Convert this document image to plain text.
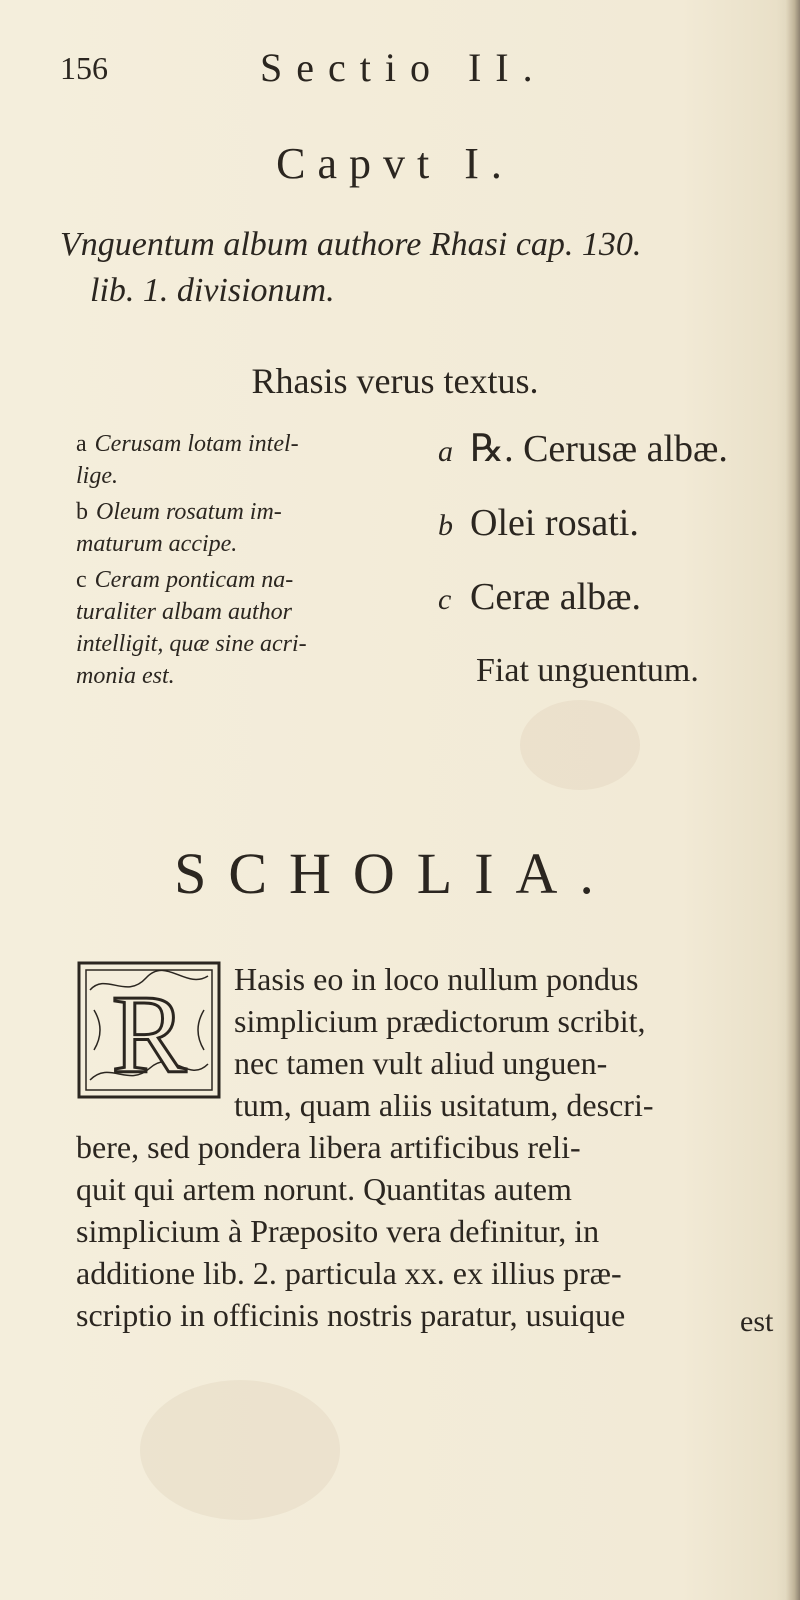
156	Sectio II.
Capvt I.
Vnguentum album authore Rhasi cap. 130.
lib. 1. divisionum.
Rhasis verus textus.
a Cerusam lotam intel-
lige.
b Oleum rosatum im-
maturum accipe.
c Ceram ponticam na-
turaliter albam author
intelligit, quæ sine acri-
monia est.
a ℞. Cerusæ albæ.
b Olei rosati.
c Ceræ albæ.
Fiat unguentum.
SCHOLIA.
R	Hasis eo in loco nullum pondus
simplicium prædictorum scribit,
nec tamen vult aliud unguen-
tum, quam aliis usitatum, descri-
bere, sed pondera libera artificibus reli-
quit qui artem norunt. Quantitas autem
simplicium à Præposito vera definitur, in
additione lib. 2. particula xx. ex illius præ-
scriptio in officinis nostris paratur, usuique	est
